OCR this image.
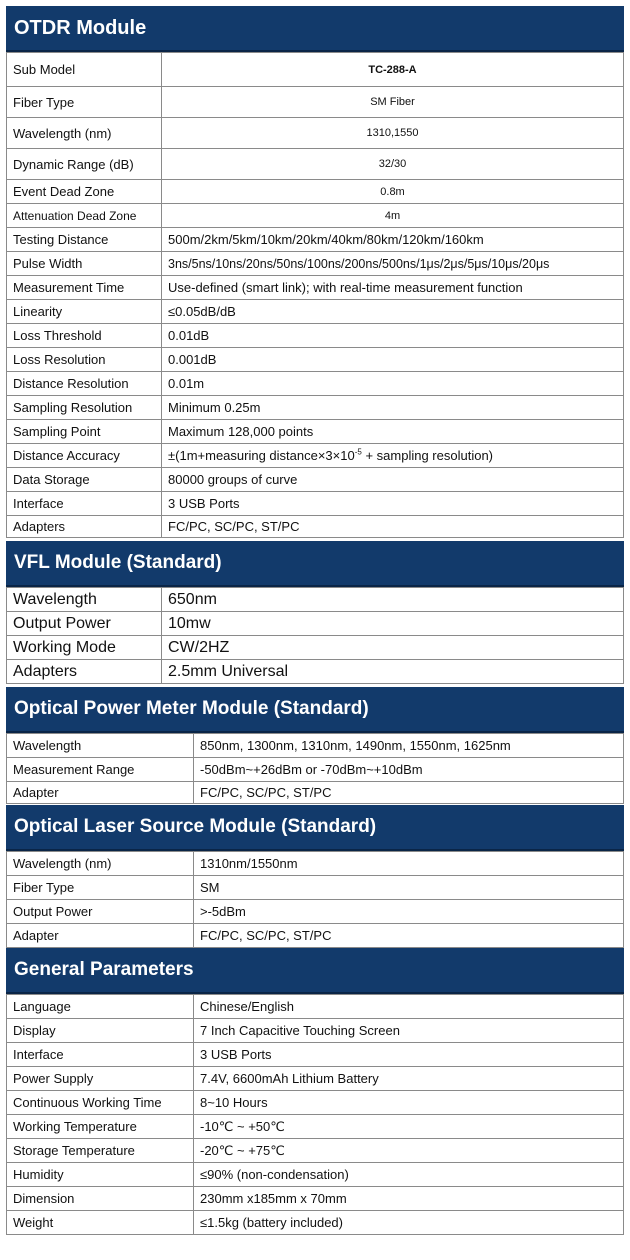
OTDR Module
Sub Model	TC-288-A
Fiber Type	SM Fiber
Wavelength (nm)	1310,1550
Dynamic Range (dB)	32/30
Event Dead Zone	0.8m
Attenuation Dead Zone	4m
Testing Distance	500m/2km/5km/10km/20km/40km/80km/120km/160km
Pulse Width	3ns/5ns/10ns/20ns/50ns/100ns/200ns/500ns/1μs/2μs/5μs/10μs/20μs
Measurement Time	Use-defined (smart link); with real-time measurement function
Linearity	≤0.05dB/dB
Loss Threshold	0.01dB
Loss Resolution	0.001dB
Distance Resolution	0.01m
Sampling Resolution	Minimum 0.25m
Sampling Point	Maximum 128,000 points
Distance Accuracy	±(1m+measuring $distance\times 3\times 10^{-5}$ + sampling resolution)
Data Storage	80000 groups of curve
Interface	3 USB Ports
Adapters	FC/PC, SC/PC, ST/PC
VFL Module (Standard)
Wavelength	650nm
Output Power	10mw
Working Mode	CW/2HZ
Adapters	2.5mm Universal
Optical Power Meter Module (Standard)
Wavelength	850nm, 1300nm, 1310nm, 1490nm, 1550nm, 1625nm
Measurement Range	-50dBm~+26dBm or -70dBm~+10dBm
Adapter	FC/PC, SC/PC, ST/PC
Optical Laser Source Module (Standard)
Wavelength (nm)	1310nm/1550nm
Fiber Type	SM
Output Power	>-5dBm
Adapter	FC/PC, SC/PC, ST/PC
General Parameters
Language	Chinese/English
Display	7 Inch Capacitive Touching Screen
Interface	3 USB Ports
Power Supply	7.4V, 6600mAh Lithium Battery
Continuous Working Time	8~10 Hours
Working Temperature	-10℃ ~ +50℃
Storage Temperature	-20℃ ~ +75℃
Humidity	≤90% (non-condensation)
Dimension	230mm x185mm x 70mm
Weight	≤1.5kg (battery included)
